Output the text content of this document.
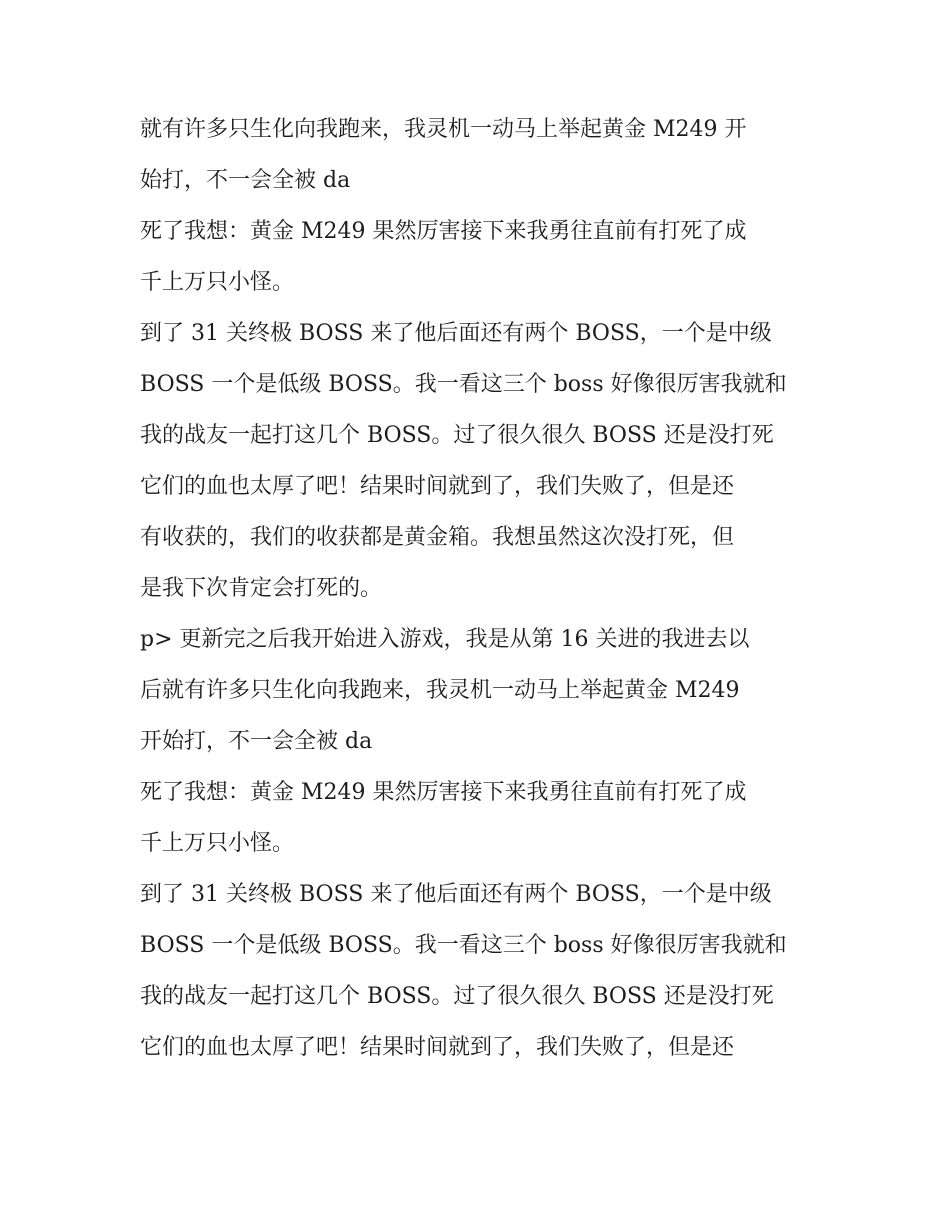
就有许多只生化向我跑来，我灵机一动马上举起黄金 M249 开
始打，不一会全被 da
死了我想：黄金 M249 果然厉害接下来我勇往直前有打死了成
千上万只小怪。
到了 31 关终极 BOSS 来了他后面还有两个 BOSS，一个是中级
BOSS 一个是低级 BOSS。我一看这三个 boss 好像很厉害我就和
我的战友一起打这几个 BOSS。过了很久很久 BOSS 还是没打死
它们的血也太厚了吧！结果时间就到了，我们失败了，但是还
有收获的，我们的收获都是黄金箱。我想虽然这次没打死，但
是我下次肯定会打死的。
p> 更新完之后我开始进入游戏，我是从第 16 关进的我进去以
后就有许多只生化向我跑来，我灵机一动马上举起黄金 M249
开始打，不一会全被 da
死了我想：黄金 M249 果然厉害接下来我勇往直前有打死了成
千上万只小怪。
到了 31 关终极 BOSS 来了他后面还有两个 BOSS，一个是中级
BOSS 一个是低级 BOSS。我一看这三个 boss 好像很厉害我就和
我的战友一起打这几个 BOSS。过了很久很久 BOSS 还是没打死
它们的血也太厚了吧！结果时间就到了，我们失败了，但是还
